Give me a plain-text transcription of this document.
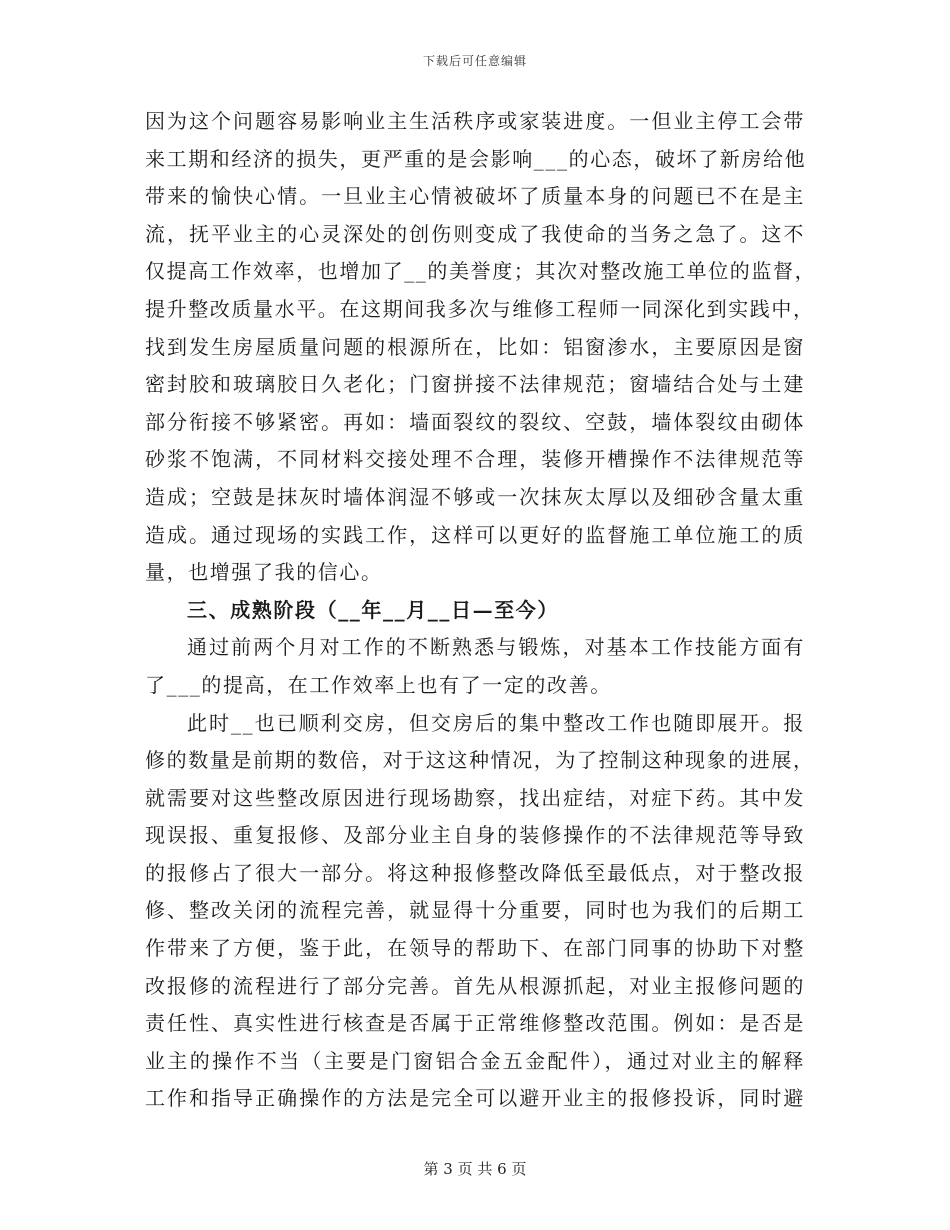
下载后可任意编辑
因为这个问题容易影响业主生活秩序或家装进度。一但业主停工会带
来工期和经济的损失，更严重的是会影响___的心态，破坏了新房给他
带来的愉快心情。一旦业主心情被破坏了质量本身的问题已不在是主
流，抚平业主的心灵深处的创伤则变成了我使命的当务之急了。这不
仅提高工作效率，也增加了__的美誉度；其次对整改施工单位的监督，
提升整改质量水平。在这期间我多次与维修工程师一同深化到实践中，
找到发生房屋质量问题的根源所在，比如：铝窗渗水，主要原因是窗
密封胶和玻璃胶日久老化；门窗拼接不法律规范；窗墙结合处与土建
部分衔接不够紧密。再如：墙面裂纹的裂纹、空鼓，墙体裂纹由砌体
砂浆不饱满，不同材料交接处理不合理，装修开槽操作不法律规范等
造成；空鼓是抹灰时墙体润湿不够或一次抹灰太厚以及细砂含量太重
造成。通过现场的实践工作，这样可以更好的监督施工单位施工的质
量，也增强了我的信心。
三、成熟阶段（__年__月__日—至今）
通过前两个月对工作的不断熟悉与锻炼，对基本工作技能方面有
了___的提高，在工作效率上也有了一定的改善。
此时__也已顺利交房，但交房后的集中整改工作也随即展开。报
修的数量是前期的数倍，对于这这种情况，为了控制这种现象的进展，
就需要对这些整改原因进行现场勘察，找出症结，对症下药。其中发
现误报、重复报修、及部分业主自身的装修操作的不法律规范等导致
的报修占了很大一部分。将这种报修整改降低至最低点，对于整改报
修、整改关闭的流程完善，就显得十分重要，同时也为我们的后期工
作带来了方便，鉴于此，在领导的帮助下、在部门同事的协助下对整
改报修的流程进行了部分完善。首先从根源抓起，对业主报修问题的
责任性、真实性进行核查是否属于正常维修整改范围。例如：是否是
业主的操作不当（主要是门窗铝合金五金配件），通过对业主的解释
工作和指导正确操作的方法是完全可以避开业主的报修投诉，同时避
第 3 页 共 6 页
